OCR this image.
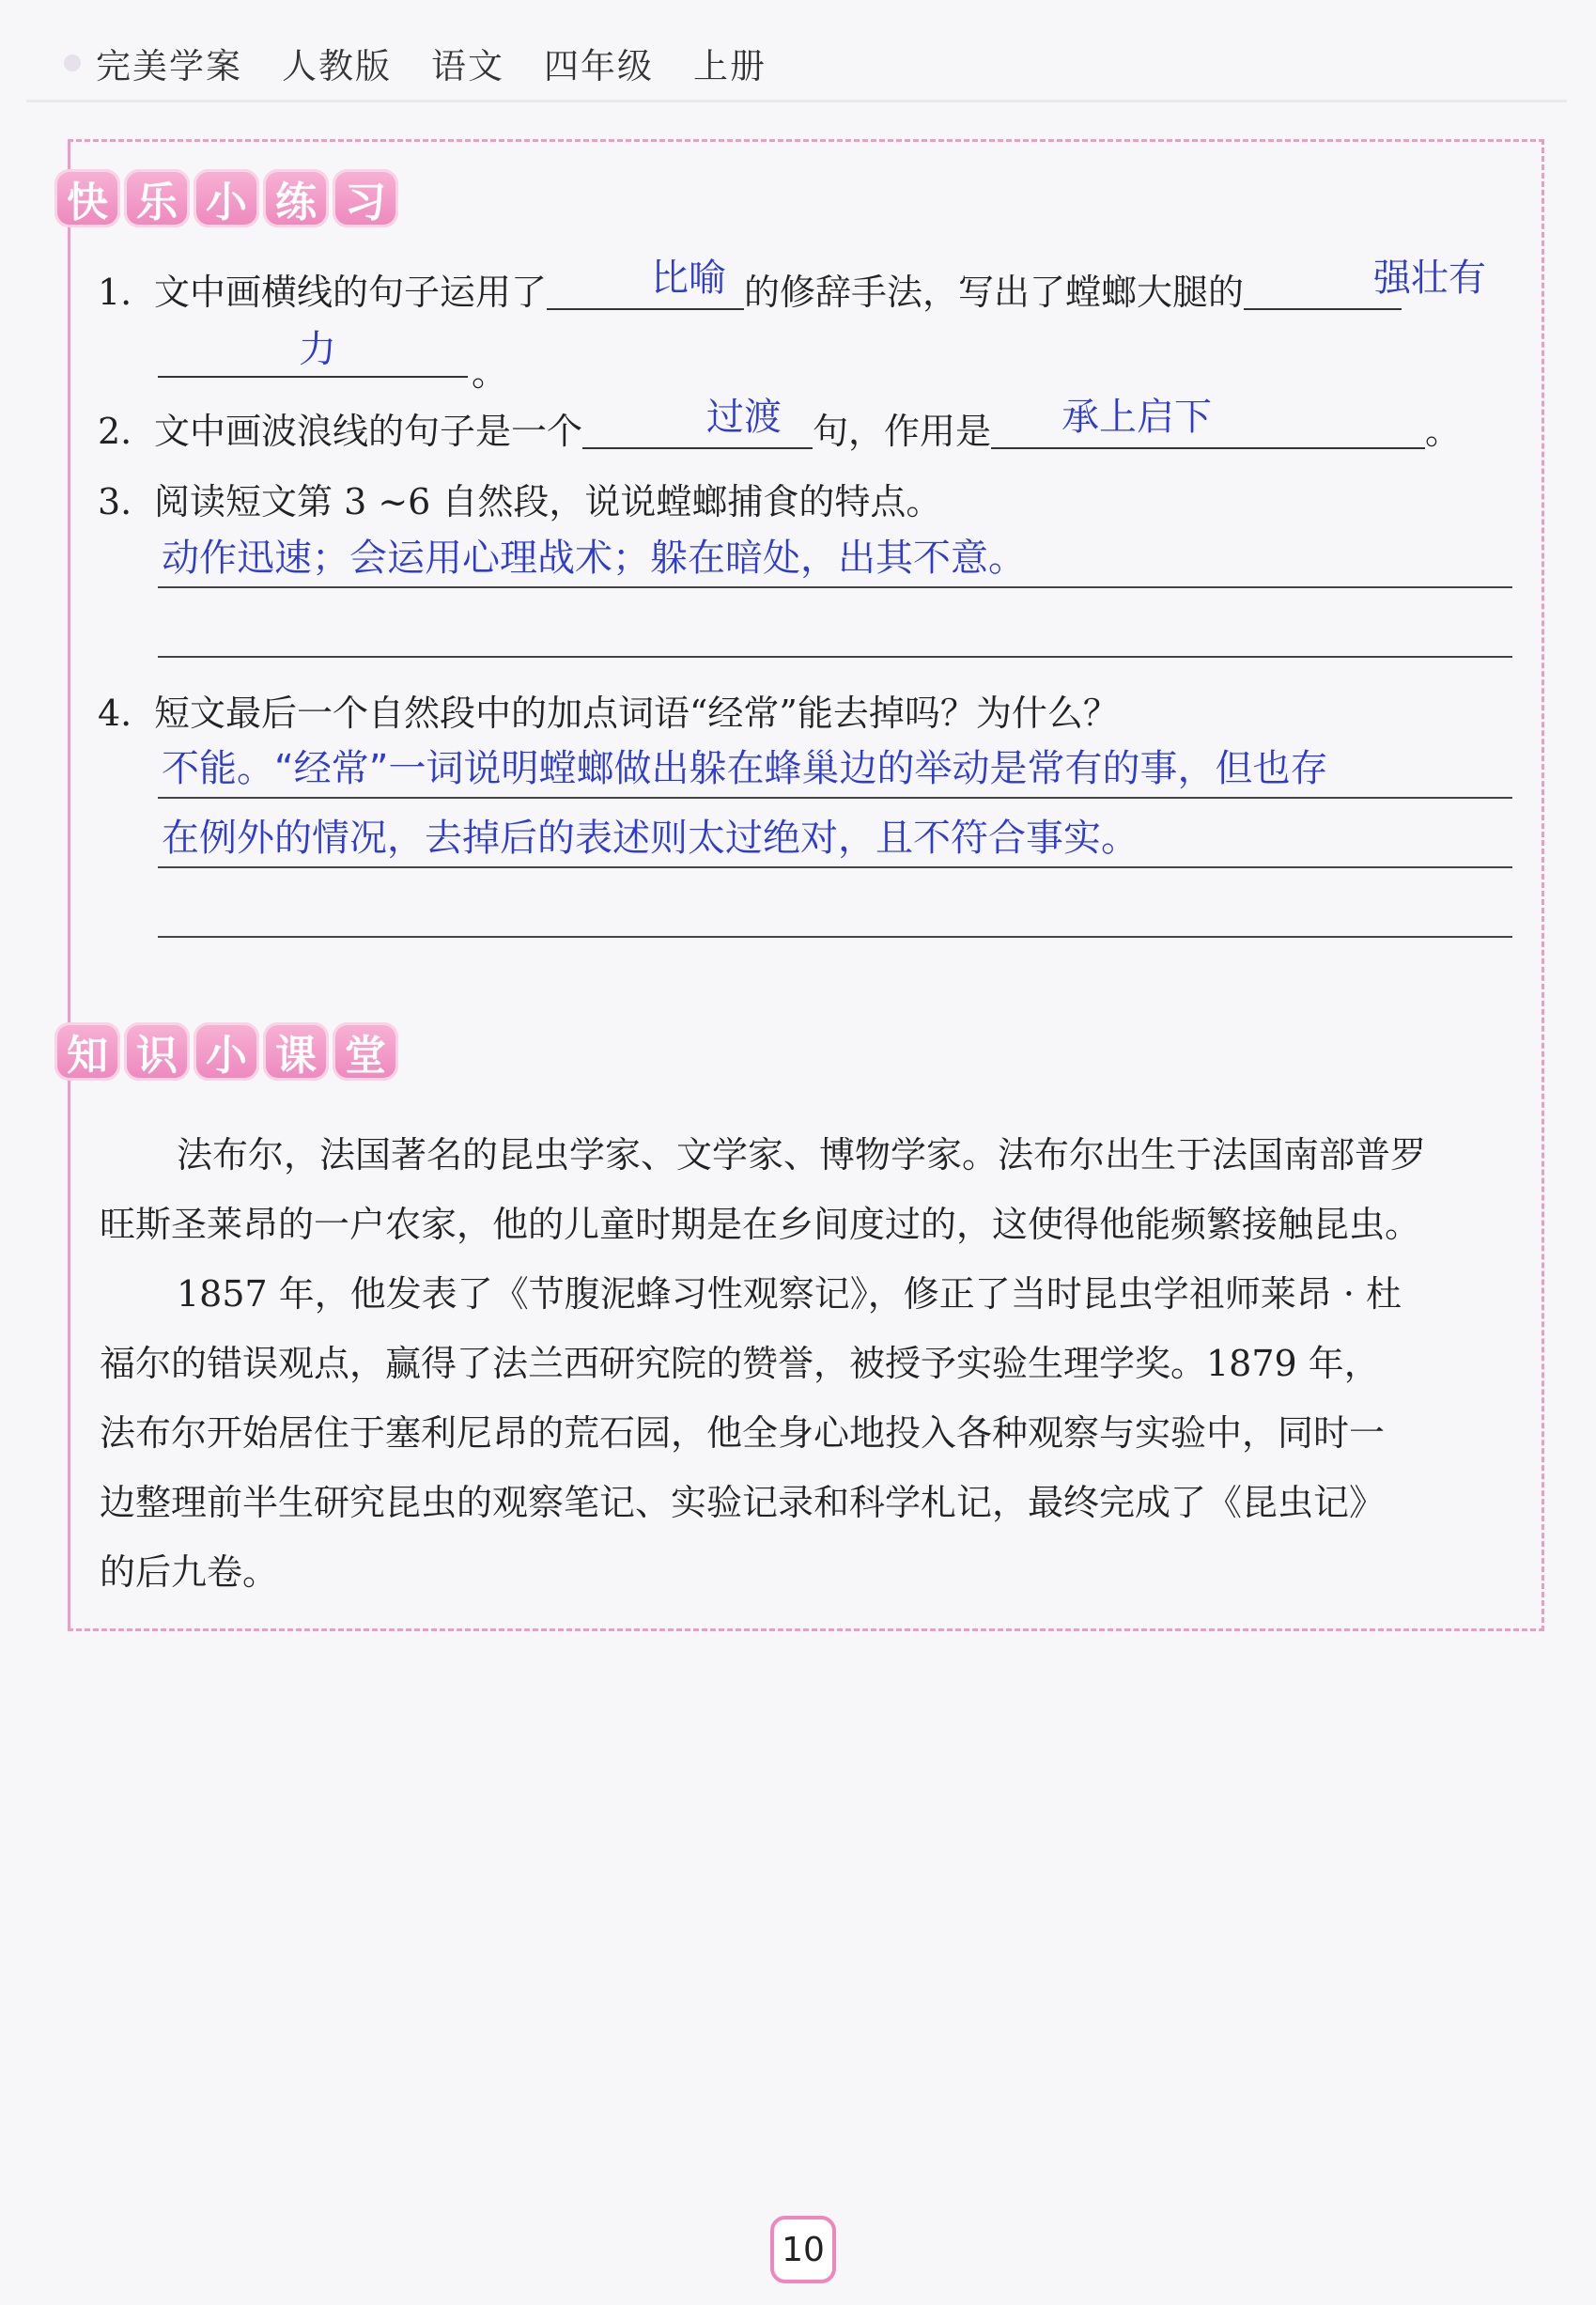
完美学案 人教版 语文 四年级 上册
快 乐 小 练 习
1. 文中画横线的句子运用了	的修辞手法，写出了螳螂大腿的
比喻	强壮有
力
。
2. 文中画波浪线的句子是一个	句，作用是	。
过渡	承上启下
3. 阅读短文第 3 ~6 自然段，说说螳螂捕食的特点。
动作迅速；会运用心理战术；躲在暗处，出其不意。
4. 短文最后一个自然段中的加点词语“经常”能去掉吗？为什么？
不能。“经常”一词说明螳螂做出躲在蜂巢边的举动是常有的事，但也存
在例外的情况，去掉后的表述则太过绝对，且不符合事实。
知 识 小 课 堂
法布尔，法国著名的昆虫学家、文学家、博物学家。法布尔出生于法国南部普罗
旺斯圣莱昂的一户农家，他的儿童时期是在乡间度过的，这使得他能频繁接触昆虫。
1857 年，他发表了《节腹泥蜂习性观察记》，修正了当时昆虫学祖师莱昂 · 杜
福尔的错误观点，赢得了法兰西研究院的赞誉，被授予实验生理学奖。1879 年，
法布尔开始居住于塞利尼昂的荒石园，他全身心地投入各种观察与实验中，同时一
边整理前半生研究昆虫的观察笔记、实验记录和科学札记，最终完成了《昆虫记》
的后九卷。
10
